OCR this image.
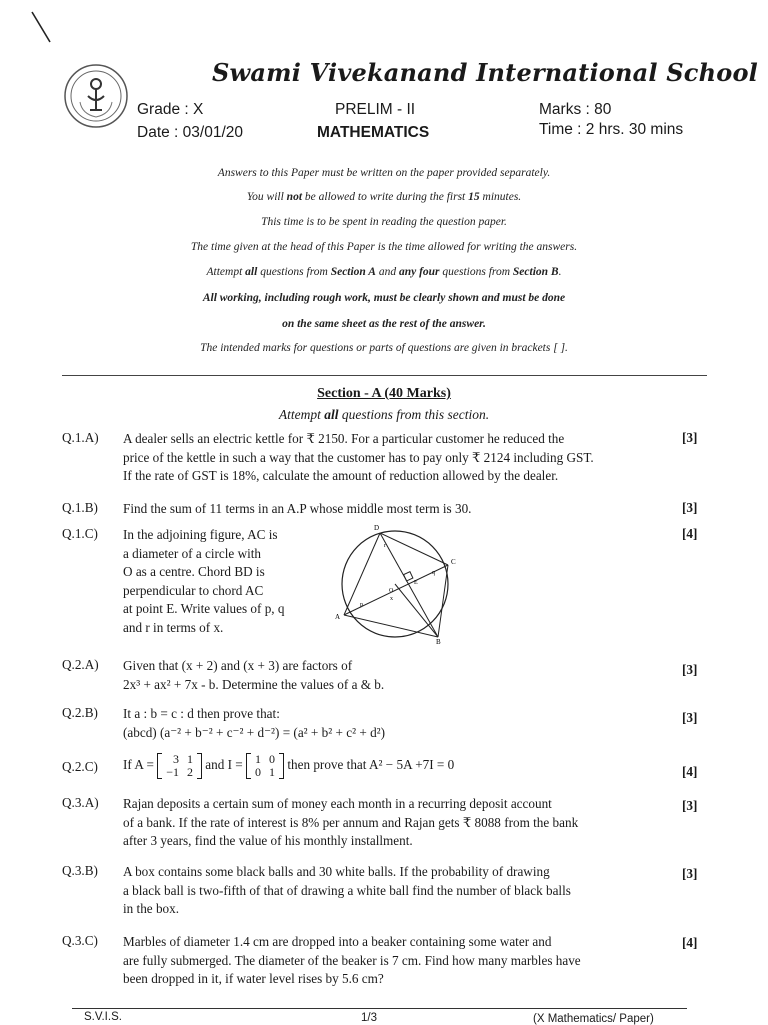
Swami Vivekanand International School
Grade : X
Date : 03/01/20
PRELIM - II
MATHEMATICS
Marks : 80
Time : 2 hrs. 30 mins
Answers to this Paper must be written on the paper provided separately.
You will not be allowed to write during the first 15 minutes.
This time is to be spent in reading the question paper.
The time given at the head of this Paper is the time allowed for writing the answers.
Attempt all questions from Section A and any four questions from Section B.
All working, including rough work, must be clearly shown and must be done
on the same sheet as the rest of the answer.
The intended marks for questions or parts of questions are given in brackets [ ].
Section - A (40 Marks)
Attempt all questions from this section.
Q.1.A) A dealer sells an electric kettle for ₹ 2150. For a particular customer he reduced the
price of the kettle in such a way that the customer has to pay only ₹ 2124 including GST.
If the rate of GST is 18%, calculate the amount of reduction allowed by the dealer.
[3]
Q.1.B) Find the sum of 11 terms in an A.P whose middle most term is 30.	[3]
Q.1.C) In the adjoining figure, AC is
a diameter of a circle with
O as a centre. Chord BD is
perpendicular to chord AC
at point E. Write values of p, q
and r in terms of x.
[4]
D
C
A
B
O
E
p
q
r
x
Q.2.A) Given that (x + 2) and (x + 3) are factors of
2x³ + ax² + 7x - b. Determine the values of a & b.
[3]
Q.2.B) It a : b = c : d then prove that:
(abcd) (a⁻² + b⁻² + c⁻² + d⁻²) = (a² + b² + c² + d²)
[3]
Q.2.C) If A = 3	1
−1	2 and I = 1	0
0	1 then prove that A² − 5A +7I = 0	[4]
Q.3.A) Rajan deposits a certain sum of money each month in a recurring deposit account
of a bank. If the rate of interest is 8% per annum and Rajan gets ₹ 8088 from the bank
after 3 years, find the value of his monthly installment.
[3]
Q.3.B) A box contains some black balls and 30 white balls. If the probability of drawing
a black ball is two-fifth of that of drawing a white ball find the number of black balls
in the box.
[3]
Q.3.C) Marbles of diameter 1.4 cm are dropped into a beaker containing some water and
are fully submerged. The diameter of the beaker is 7 cm. Find how many marbles have
been dropped in it, if water level rises by 5.6 cm?
[4]
S.V.I.S.	1/3	(X Mathematics/ Paper)
